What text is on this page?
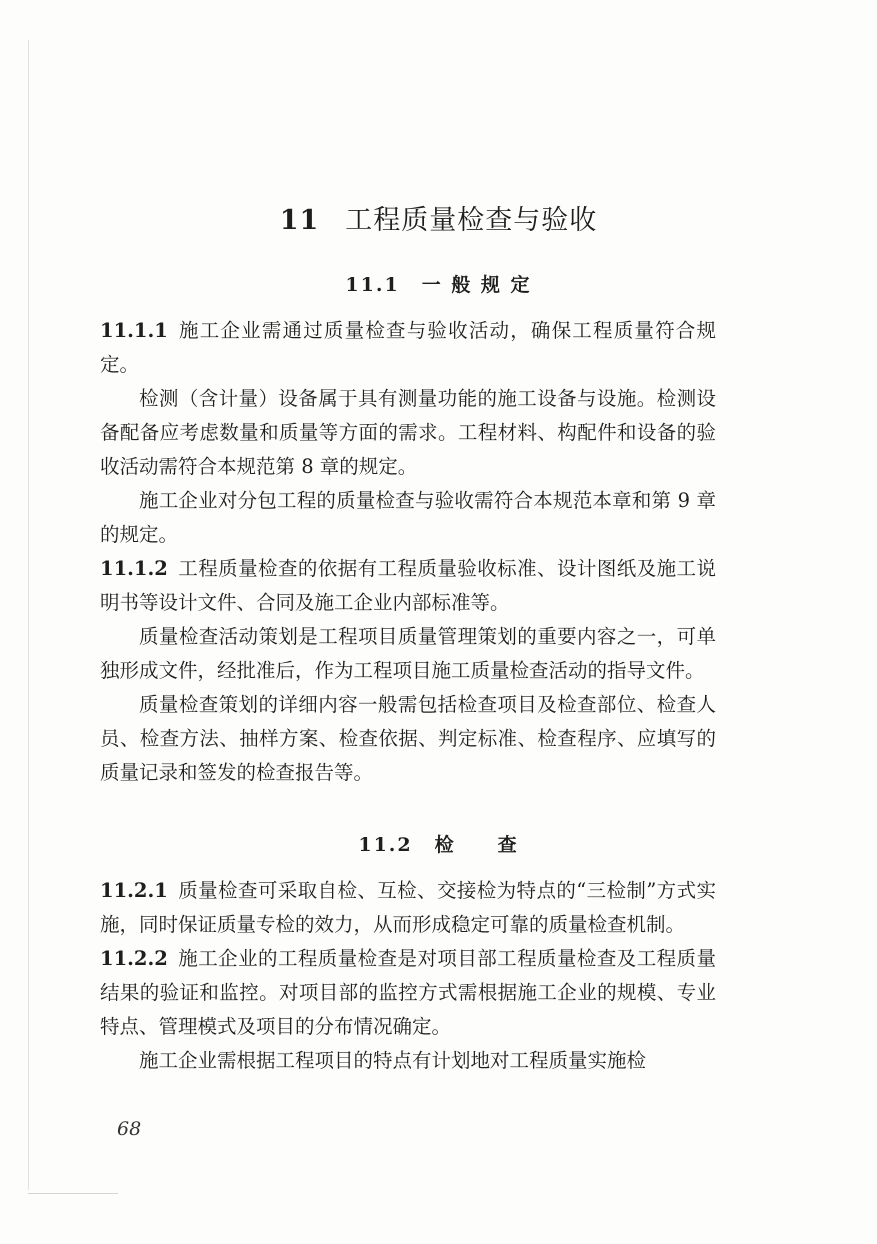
11 工程质量检查与验收
11.1 一 般 规 定

11.1.1 施工企业需通过质量检查与验收活动，确保工程质量符合规定。

检测（含计量）设备属于具有测量功能的施工设备与设施。检测设备配备应考虑数量和质量等方面的需求。工程材料、构配件和设备的验收活动需符合本规范第 8 章的规定。

施工企业对分包工程的质量检查与验收需符合本规范本章和第 9 章的规定。

11.1.2 工程质量检查的依据有工程质量验收标准、设计图纸及施工说明书等设计文件、合同及施工企业内部标准等。

质量检查活动策划是工程项目质量管理策划的重要内容之一，可单独形成文件，经批准后，作为工程项目施工质量检查活动的指导文件。

质量检查策划的详细内容一般需包括检查项目及检查部位、检查人员、检查方法、抽样方案、检查依据、判定标准、检查程序、应填写的质量记录和签发的检查报告等。

11.2 检　　查

11.2.1 质量检查可采取自检、互检、交接检为特点的“三检制”方式实施，同时保证质量专检的效力，从而形成稳定可靠的质量检查机制。

11.2.2 施工企业的工程质量检查是对项目部工程质量检查及工程质量结果的验证和监控。对项目部的监控方式需根据施工企业的规模、专业特点、管理模式及项目的分布情况确定。

施工企业需根据工程项目的特点有计划地对工程质量实施检

68
